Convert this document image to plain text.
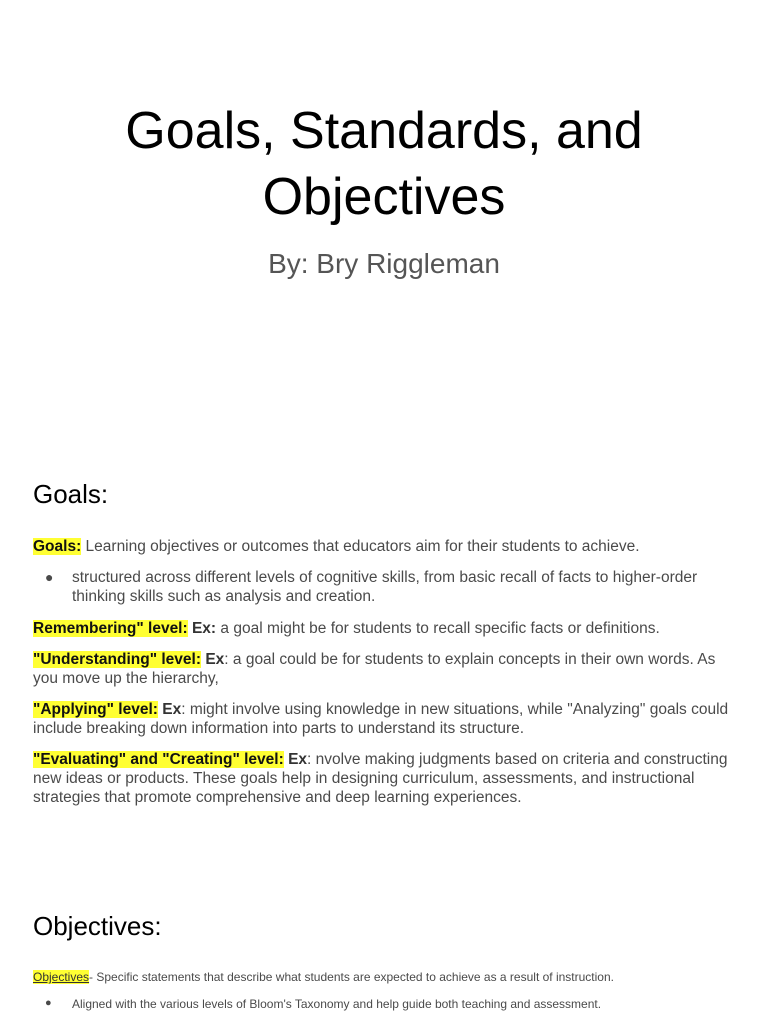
Goals, Standards, and
Objectives

By: Bry Riggleman

Goals:

Goals: Learning objectives or outcomes that educators aim for their students to achieve.

● structured across different levels of cognitive skills, from basic recall of facts to higher-order thinking skills such as analysis and creation.

Remembering" level: Ex: a goal might be for students to recall specific facts or definitions.

"Understanding" level: Ex: a goal could be for students to explain concepts in their own words. As you move up the hierarchy,

"Applying" level: Ex: might involve using knowledge in new situations, while "Analyzing" goals could include breaking down information into parts to understand its structure.

"Evaluating" and "Creating" level: Ex: nvolve making judgments based on criteria and constructing new ideas or products. These goals help in designing curriculum, assessments, and instructional strategies that promote comprehensive and deep learning experiences.

Objectives:

Objectives- Specific statements that describe what students are expected to achieve as a result of instruction.

● Aligned with the various levels of Bloom's Taxonomy and help guide both teaching and assessment.
